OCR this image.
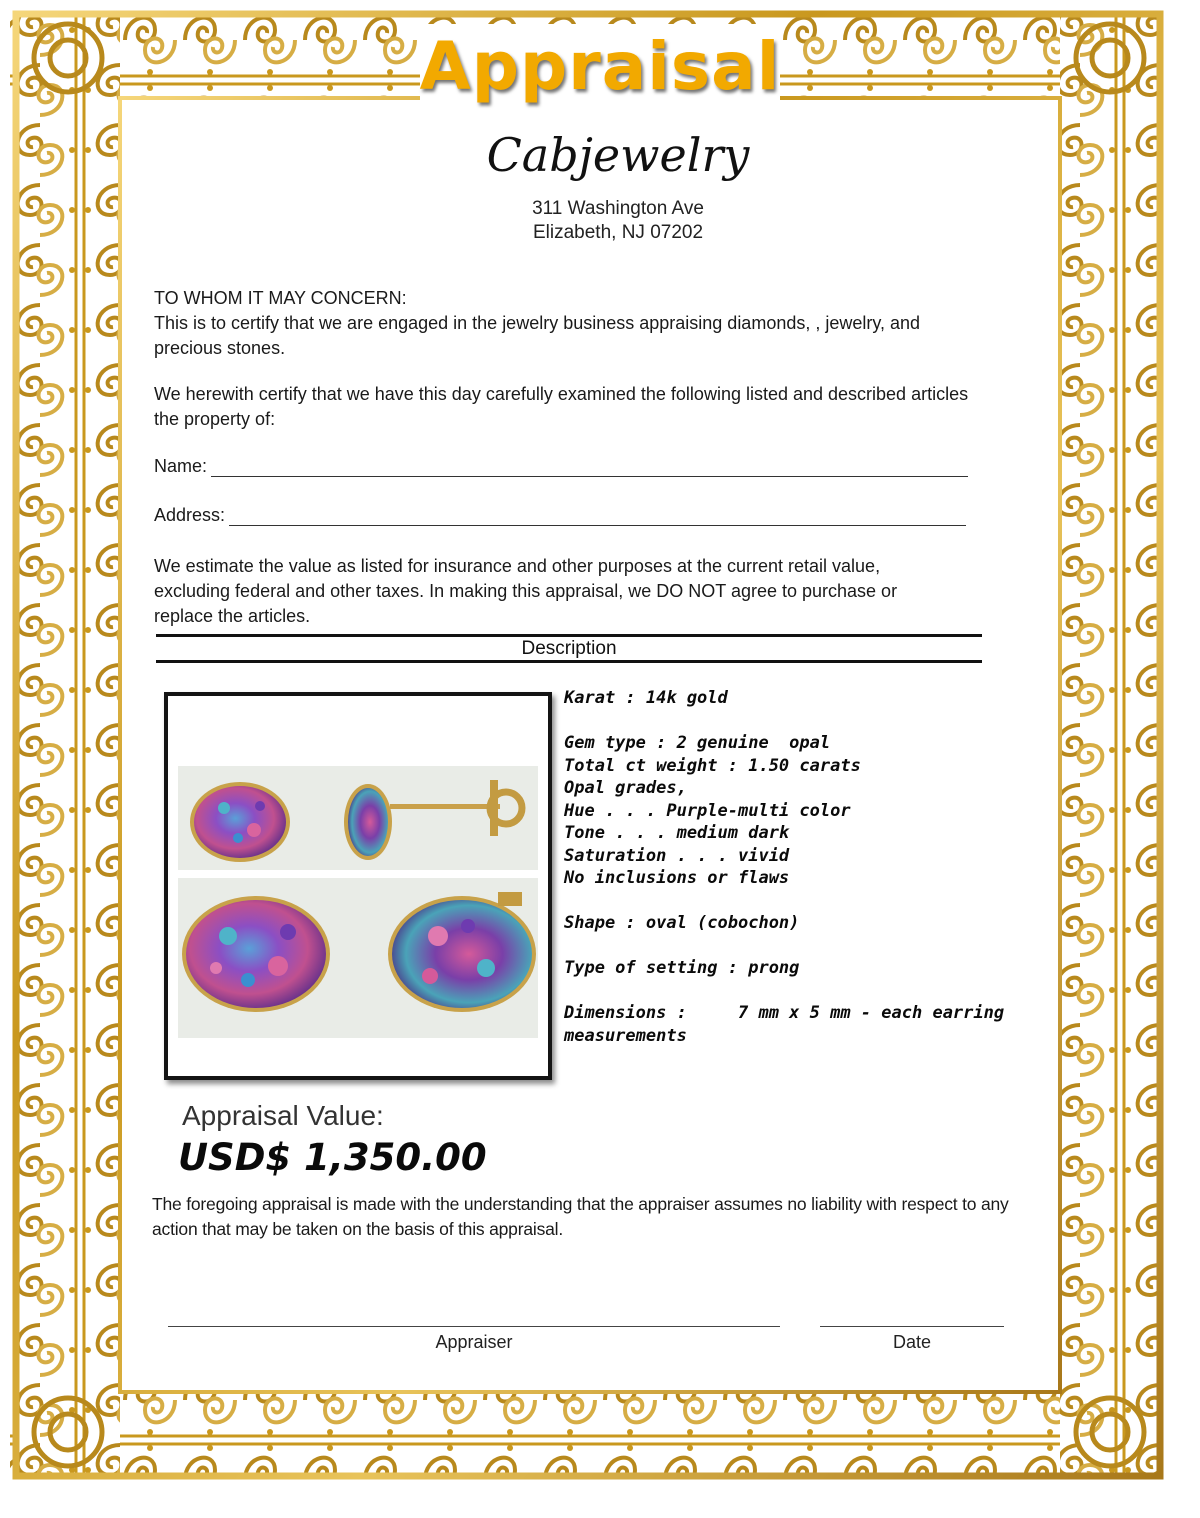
Appraisal
Cabjewelry
311 Washington Ave
Elizabeth, NJ 07202
TO WHOM IT MAY CONCERN:
This is to certify that we are engaged in the jewelry business appraising diamonds, , jewelry, and precious stones.
We herewith certify that we have this day carefully examined the following listed and described articles the property of:
Name:
Address:
We estimate the value as listed for insurance and other purposes at the current retail value, excluding federal and other taxes. In making this appraisal, we DO NOT agree to purchase or replace the articles.
Description
Karat : 14k gold
Gem type : 2 genuine  opal
Total ct weight : 1.50 carats
Opal grades,
Hue . . . Purple-multi color
Tone . . . medium dark
Saturation . . . vivid
No inclusions or flaws
Shape : oval (cobochon)
Type of setting : prong
Dimensions :     7 mm x 5 mm - each earring
measurements
Appraisal Value:
USD$ 1,350.00
The foregoing appraisal is made with the understanding that the appraiser assumes no liability with respect to any action that may be taken on the basis of this appraisal.
Appraiser	Date
